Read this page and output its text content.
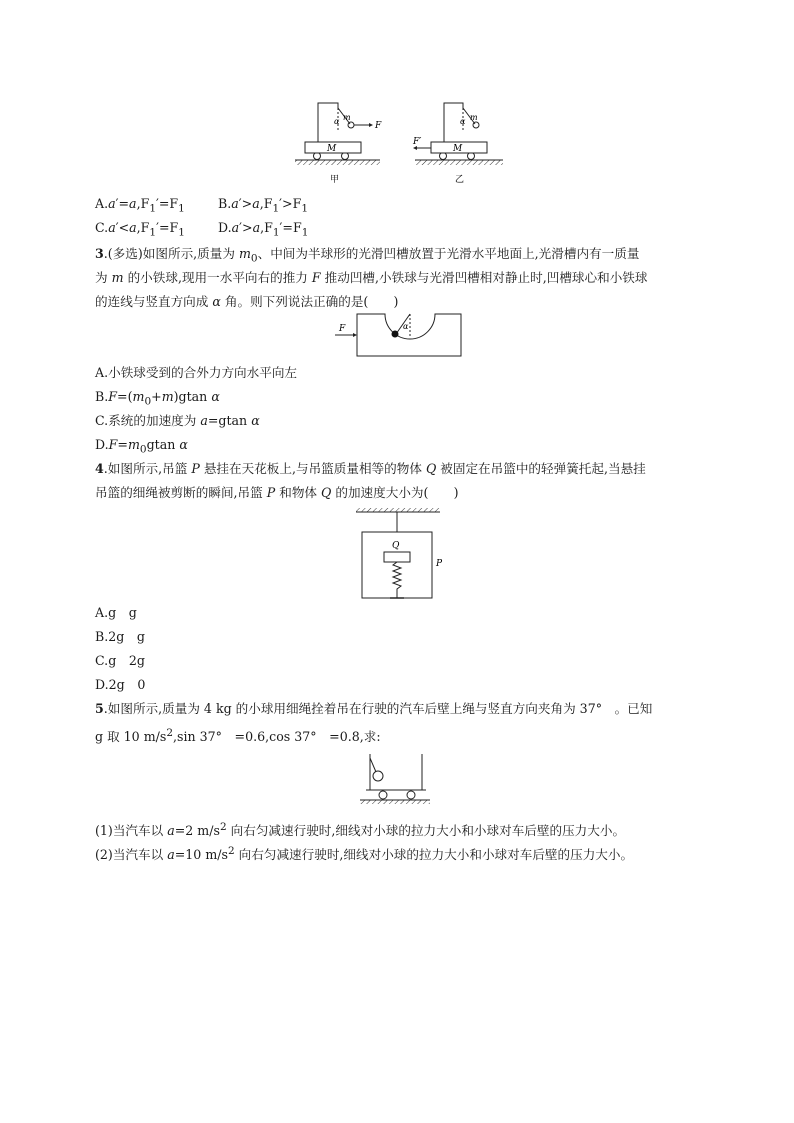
M
m
α	F
甲
M
m
α
F′
乙
$A.a'=a,F_1'=F_1$	$B.a'>a,F_1'>F_1$
$C.a'<a,F_1'=F_1$	$D.a'>a,F_1'=F_1$
3.(多选)如图所示,质量为 $m_0$、中间为半球形的光滑凹槽放置于光滑水平地面上,光滑槽内有一质量
为 m 的小铁球,现用一水平向右的推力 F 推动凹槽,小铁球与光滑凹槽相对静止时,凹槽球心和小铁球
的连线与竖直方向成 α 角。则下列说法正确的是(　　)
α
F
A.小铁球受到的合外力方向水平向左
$B.F=(m_0+m)gtan$ α
C.系统的加速度为 a=gtan α
$D.F=m_0gtan$ α
4.如图所示,吊篮 P 悬挂在天花板上,与吊篮质量相等的物体 Q 被固定在吊篮中的轻弹簧托起,当悬挂
吊篮的细绳被剪断的瞬间,吊篮 P 和物体 Q 的加速度大小为(　　)
Q
P
A.g　g
B.2g　g
C.g　2g
D.2g　0
5.如图所示,质量为 4 kg 的小球用细绳拴着吊在行驶的汽车后壁上绳与竖直方向夹角为 37°　。已知
g 取 10 $m/s^2,\sin$ 37°　=0.6,cos 37°　=0.8,求:
(1)当汽车以 a=2 $m/s^2$ 向右匀减速行驶时,细线对小球的拉力大小和小球对车后壁的压力大小。
(2)当汽车以 a=10 $m/s^2$ 向右匀减速行驶时,细线对小球的拉力大小和小球对车后壁的压力大小。
